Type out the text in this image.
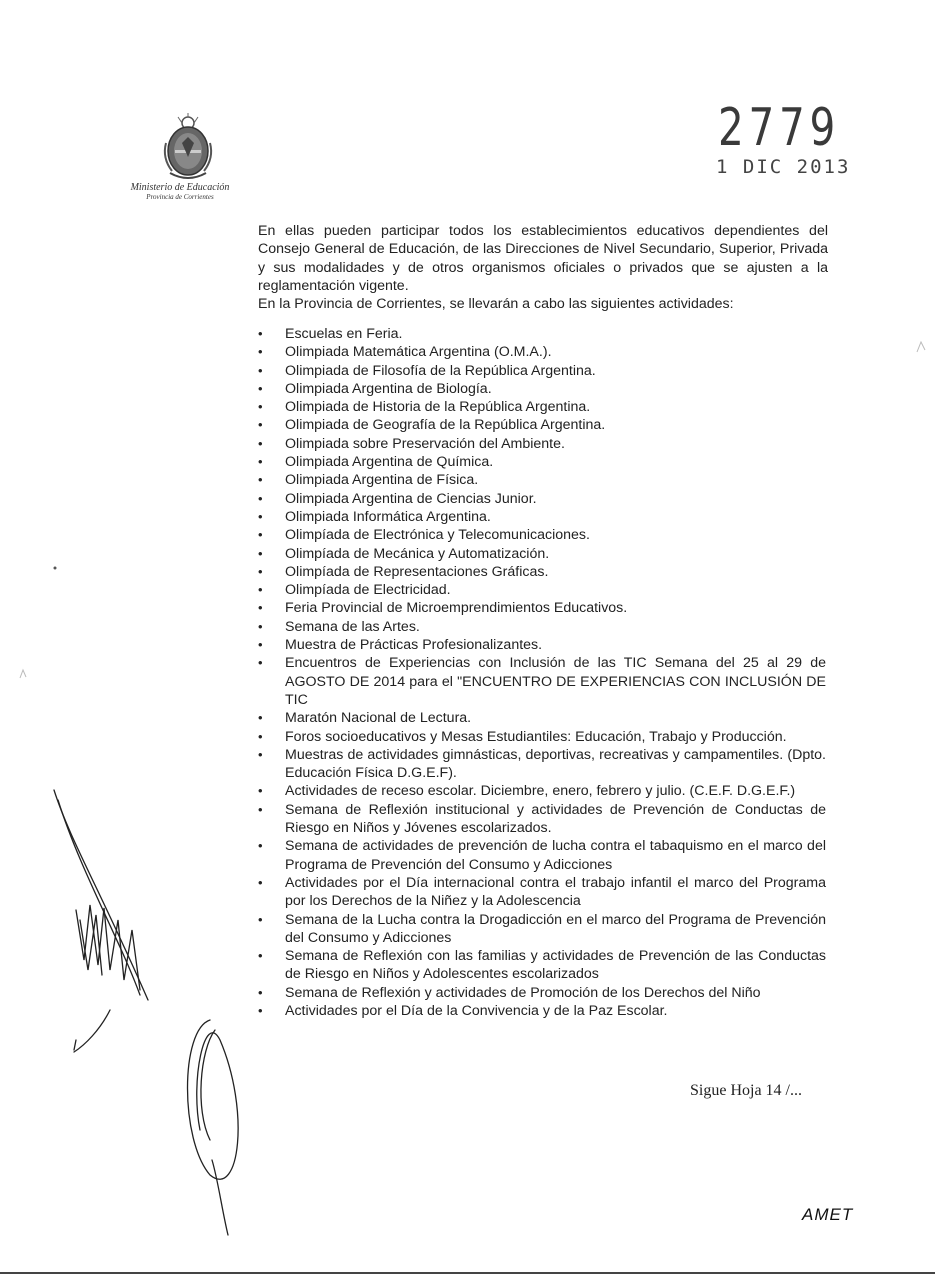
Ministerio de Educación
Provincia de Corrientes
2779
1 DIC 2013

En ellas pueden participar todos los establecimientos educativos dependientes del Consejo General de Educación, de las Direcciones de Nivel Secundario, Superior, Privada y sus modalidades y de otros organismos oficiales o privados que se ajusten a la reglamentación vigente.

En la Provincia de Corrientes, se llevarán a cabo las siguientes actividades:

• Escuelas en Feria.
• Olimpiada Matemática Argentina (O.M.A.).
• Olimpiada de Filosofía de la República Argentina.
• Olimpiada Argentina de Biología.
• Olimpiada de Historia de la República Argentina.
• Olimpiada de Geografía de la República Argentina.
• Olimpiada sobre Preservación del Ambiente.
• Olimpiada Argentina de Química.
• Olimpiada Argentina de Física.
• Olimpiada Argentina de Ciencias Junior.
• Olimpiada Informática Argentina.
• Olimpíada de Electrónica y Telecomunicaciones.
• Olimpíada de Mecánica y Automatización.
• Olimpíada de Representaciones Gráficas.
• Olimpíada de Electricidad.
• Feria Provincial de Microemprendimientos Educativos.
• Semana de las Artes.
• Muestra de Prácticas Profesionalizantes.
• Encuentros de Experiencias con Inclusión de las TIC Semana del 25 al 29 de AGOSTO DE 2014 para el "ENCUENTRO DE EXPERIENCIAS CON INCLUSIÓN DE TIC
• Maratón Nacional de Lectura.
• Foros socioeducativos y Mesas Estudiantiles: Educación, Trabajo y Producción.
• Muestras de actividades gimnásticas, deportivas, recreativas y campamentiles. (Dpto. Educación Física D.G.E.F).
• Actividades de receso escolar. Diciembre, enero, febrero y julio. (C.E.F. D.G.E.F.)
• Semana de Reflexión institucional y actividades de Prevención de Conductas de Riesgo en Niños y Jóvenes escolarizados.
• Semana de actividades de prevención de lucha contra el tabaquismo en el marco del Programa de Prevención del Consumo y Adicciones
• Actividades por el Día internacional contra el trabajo infantil el marco del Programa por los Derechos de la Niñez y la Adolescencia
• Semana de la Lucha contra la Drogadicción en el marco del Programa de Prevención del Consumo y Adicciones
• Semana de Reflexión con las familias y actividades de Prevención de las Conductas de Riesgo en Niños y Adolescentes escolarizados
• Semana de Reflexión y actividades de Promoción de los Derechos del Niño
• Actividades por el Día de la Convivencia y de la Paz Escolar.
Sigue Hoja 14 /...
AMET
